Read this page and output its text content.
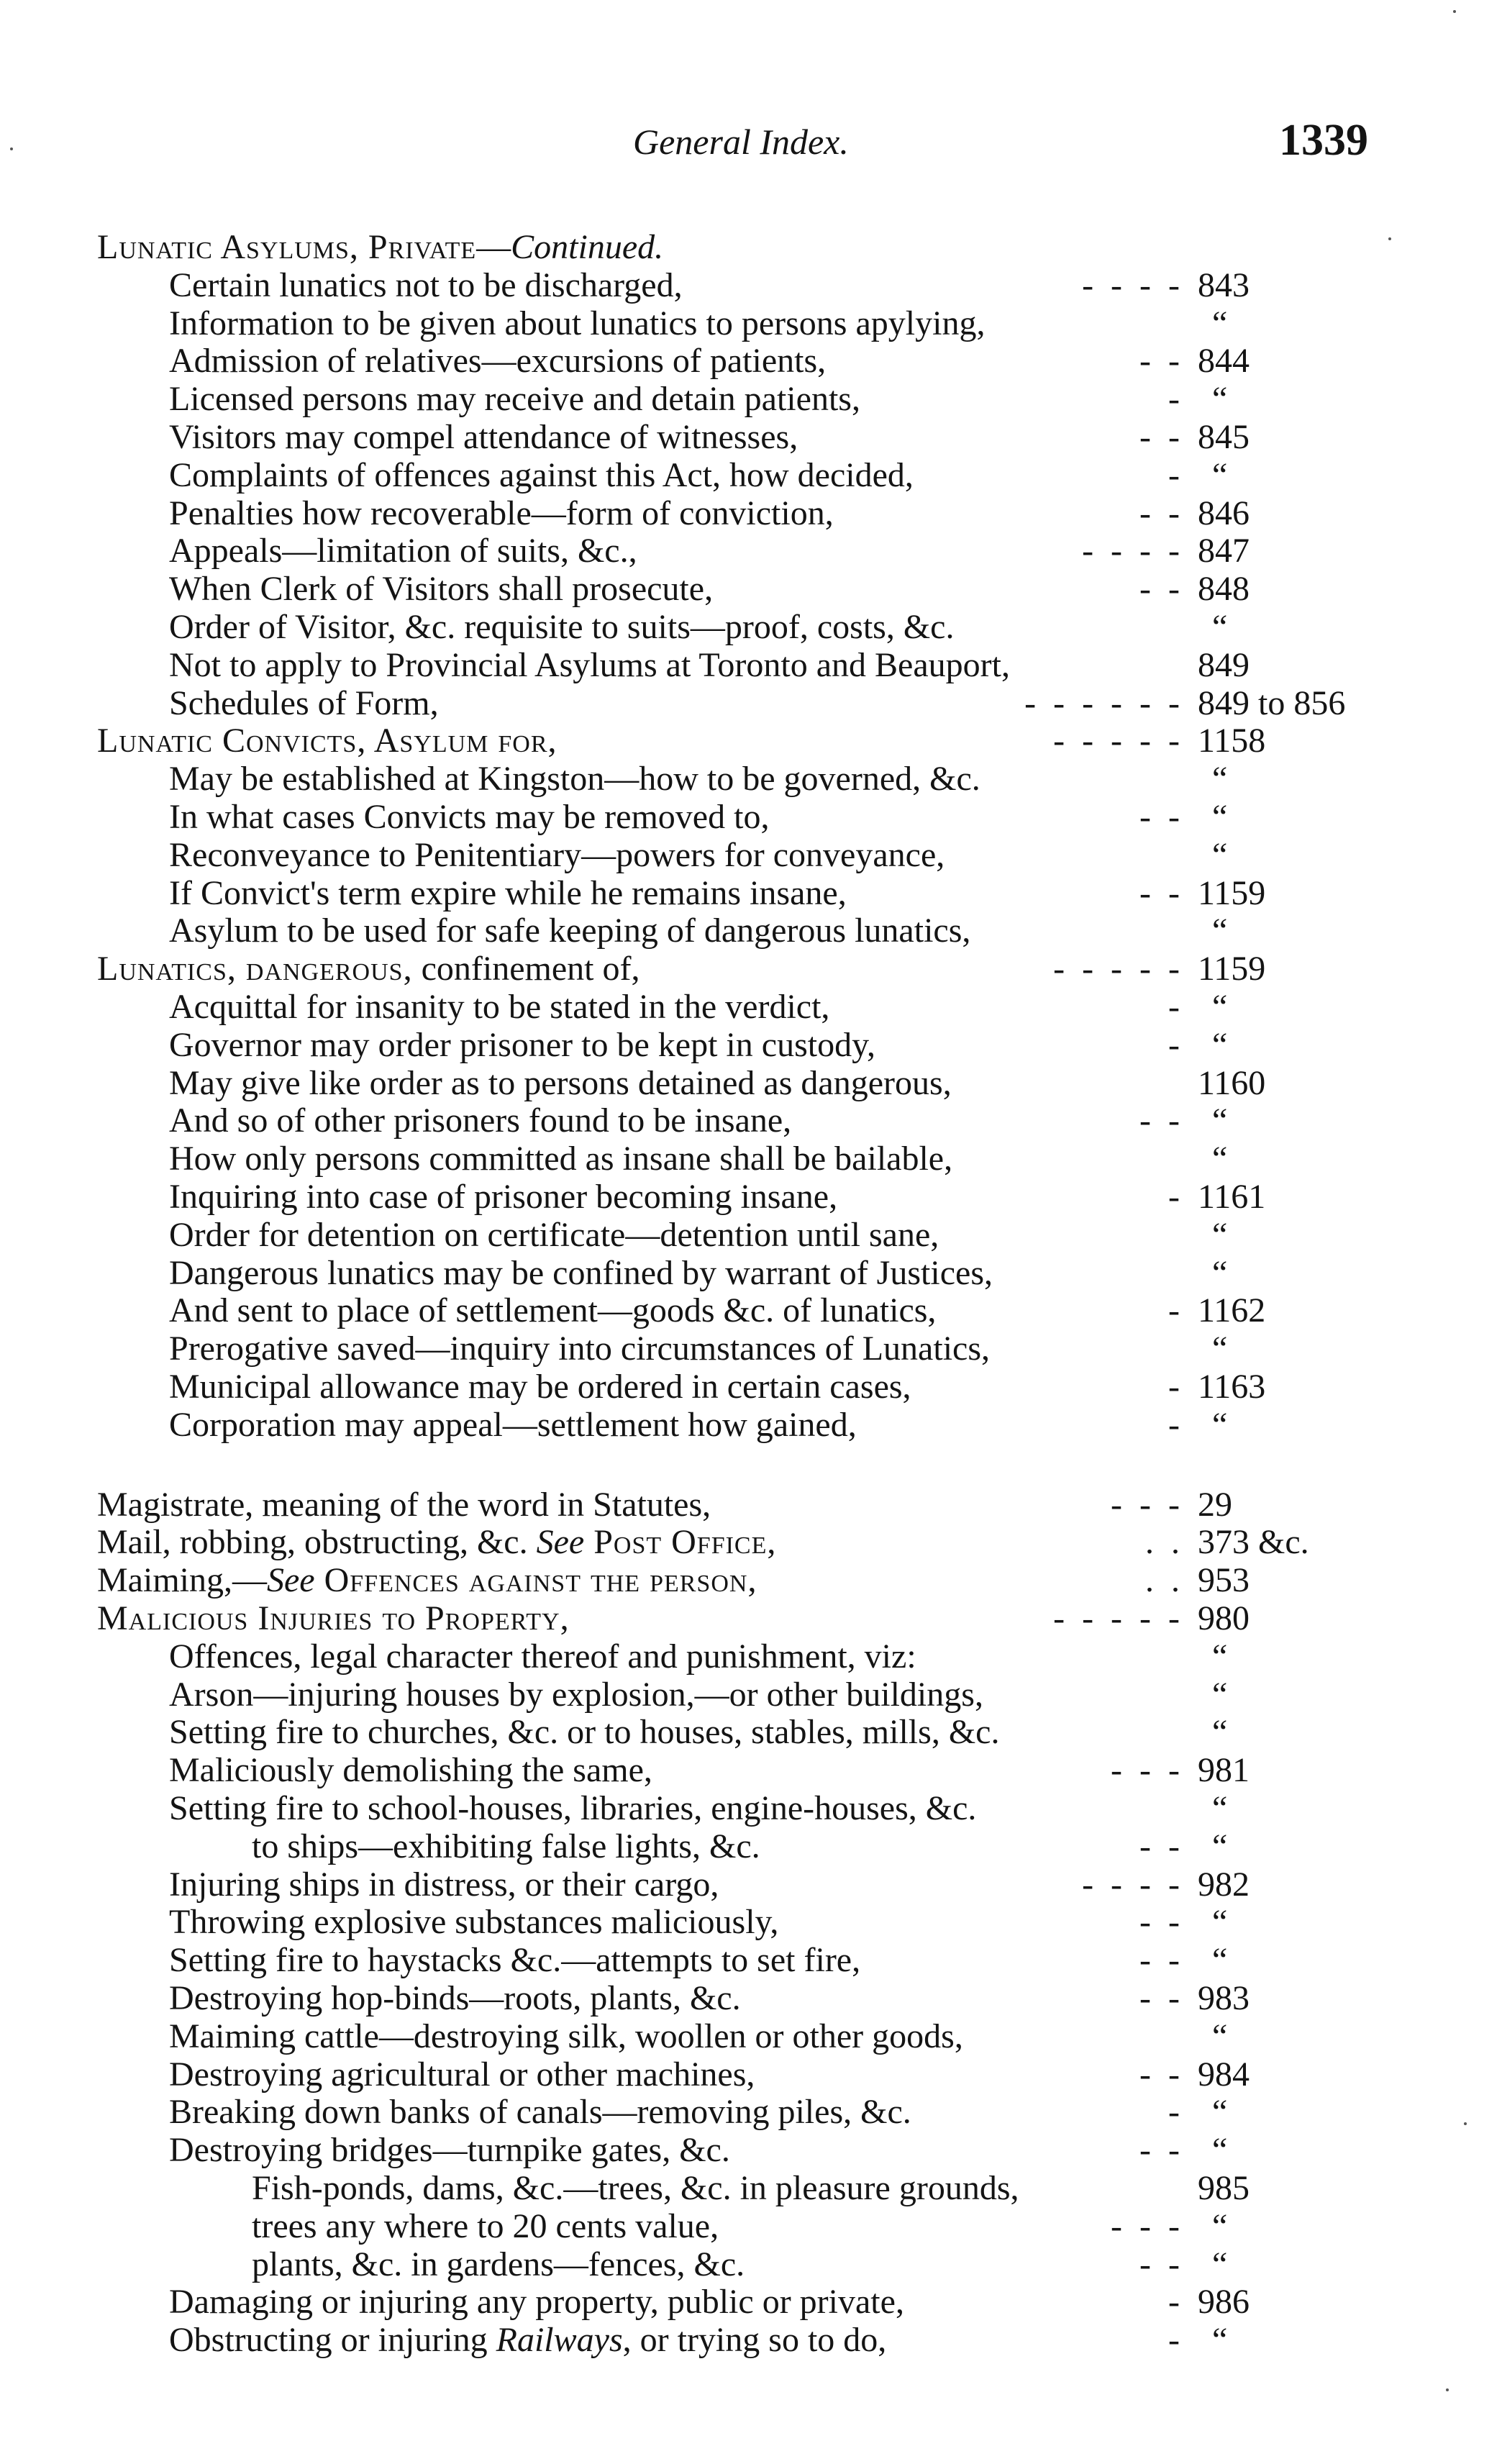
General Index.	1339
Lunatic Asylums, Private—Continued.
Certain lunatics not to be discharged,	-  -  -  - 843
Information to be given about lunatics to persons apylying,	“
Admission of relatives—excursions of patients,	-  - 844
Licensed persons may receive and detain patients,	- “
Visitors may compel attendance of witnesses,	-  - 845
Complaints of offences against this Act, how decided,	- “
Penalties how recoverable—form of conviction,	-  - 846
Appeals—limitation of suits, &c.,	-  -  -  - 847
When Clerk of Visitors shall prosecute,	-  - 848
Order of Visitor, &c. requisite to suits—proof, costs, &c.	“
Not to apply to Provincial Asylums at Toronto and Beauport,	849
Schedules of Form,	-  -  -  -  -  - 849 to 856
Lunatic Convicts, Asylum for,	-  -  -  -  - 1158
May be established at Kingston—how to be governed, &c.	“
In what cases Convicts may be removed to,	-  - “
Reconveyance to Penitentiary—powers for conveyance,	“
If Convict's term expire while he remains insane,	-  - 1159
Asylum to be used for safe keeping of dangerous lunatics,	“
Lunatics, dangerous, confinement of,	-  -  -  -  - 1159
Acquittal for insanity to be stated in the verdict,	- “
Governor may order prisoner to be kept in custody,	- “
May give like order as to persons detained as dangerous,	1160
And so of other prisoners found to be insane,	-  - “
How only persons committed as insane shall be bailable,	“
Inquiring into case of prisoner becoming insane,	- 1161
Order for detention on certificate—detention until sane,	“
Dangerous lunatics may be confined by warrant of Justices,	“
And sent to place of settlement—goods &c. of lunatics,	- 1162
Prerogative saved—inquiry into circumstances of Lunatics,	“
Municipal allowance may be ordered in certain cases,	- 1163
Corporation may appeal—settlement how gained,	- “
Magistrate, meaning of the word in Statutes,	-  -  - 29
Mail, robbing, obstructing, &c. See Post Office,	.  . 373 &c.
Maiming,—See Offences against the person,	.  . 953
Malicious Injuries to Property,	-  -  -  -  - 980
Offences, legal character thereof and punishment, viz:	“
Arson—injuring houses by explosion,—or other buildings,	“
Setting fire to churches, &c. or to houses, stables, mills, &c.	“
Maliciously demolishing the same,	-  -  - 981
Setting fire to school-houses, libraries, engine-houses, &c.	“
to ships—exhibiting false lights, &c.	-  - “
Injuring ships in distress, or their cargo,	-  -  -  - 982
Throwing explosive substances maliciously,	-  - “
Setting fire to haystacks &c.—attempts to set fire,	-  - “
Destroying hop-binds—roots, plants, &c.	-  - 983
Maiming cattle—destroying silk, woollen or other goods,	“
Destroying agricultural or other machines,	-  - 984
Breaking down banks of canals—removing piles, &c.	- “
Destroying bridges—turnpike gates, &c.	-  - “
Fish-ponds, dams, &c.—trees, &c. in pleasure grounds,	985
trees any where to 20 cents value,	-  -  - “
plants, &c. in gardens—fences, &c.	-  - “
Damaging or injuring any property, public or private,	- 986
Obstructing or injuring Railways, or trying so to do,	- “
